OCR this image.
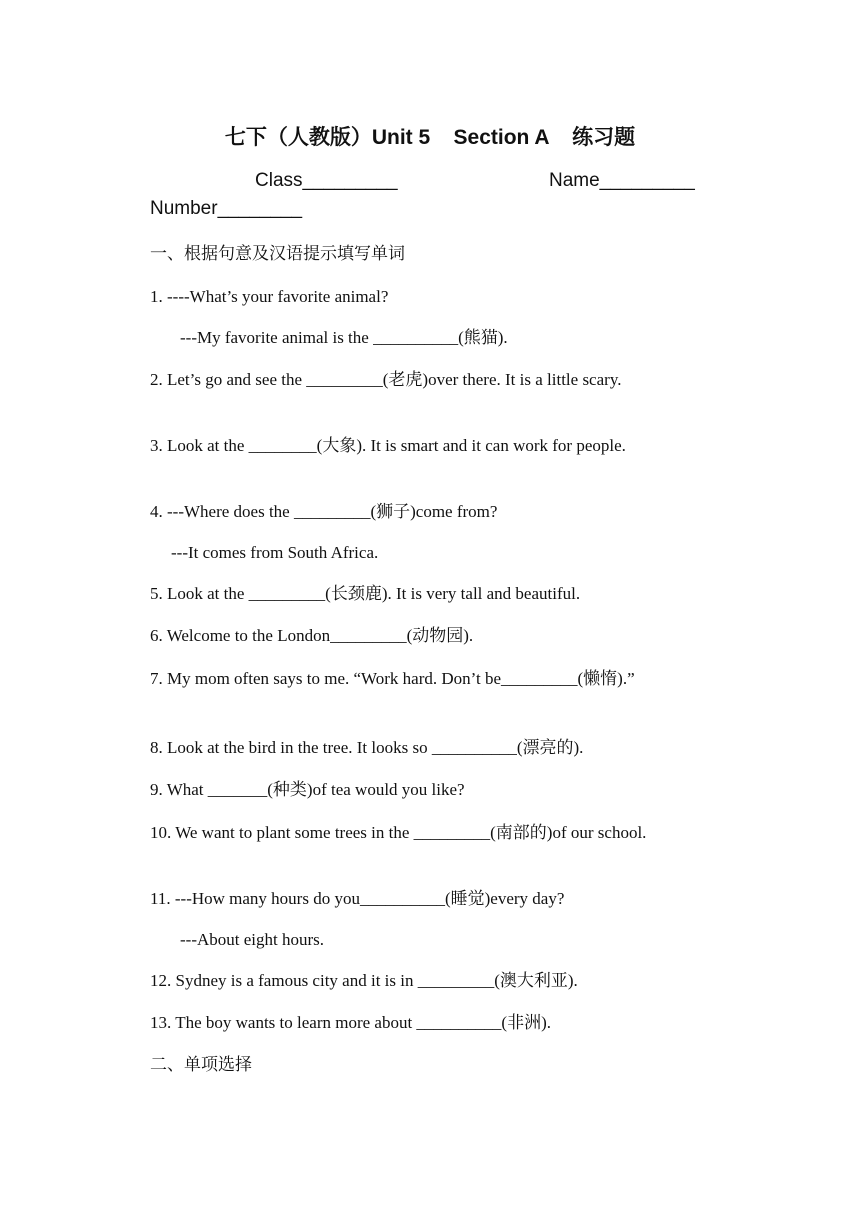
七下（人教版）Unit 5    Section A    练习题
Class_________	Name_________
Number________
一、根据句意及汉语提示填写单词
1. ----What’s your favorite animal?
---My favorite animal is the __________(熊猫).
2. Let’s go and see the _________(老虎)over there. It is a little scary.
3. Look at the ________(大象). It is smart and it can work for people.
4. ---Where does the _________(狮子)come from?
---It comes from South Africa.
5. Look at the _________(长颈鹿). It is very tall and beautiful.
6. Welcome to the London_________(动物园).
7. My mom often says to me. “Work hard. Don’t be_________(懒惰).”
8. Look at the bird in the tree. It looks so __________(漂亮的).
9. What _______(种类)of tea would you like?
10. We want to plant some trees in the _________(南部的)of our school.
11. ---How many hours do you__________(睡觉)every day?
---About eight hours.
12. Sydney is a famous city and it is in _________(澳大利亚).
13. The boy wants to learn more about __________(非洲).
二、单项选择
